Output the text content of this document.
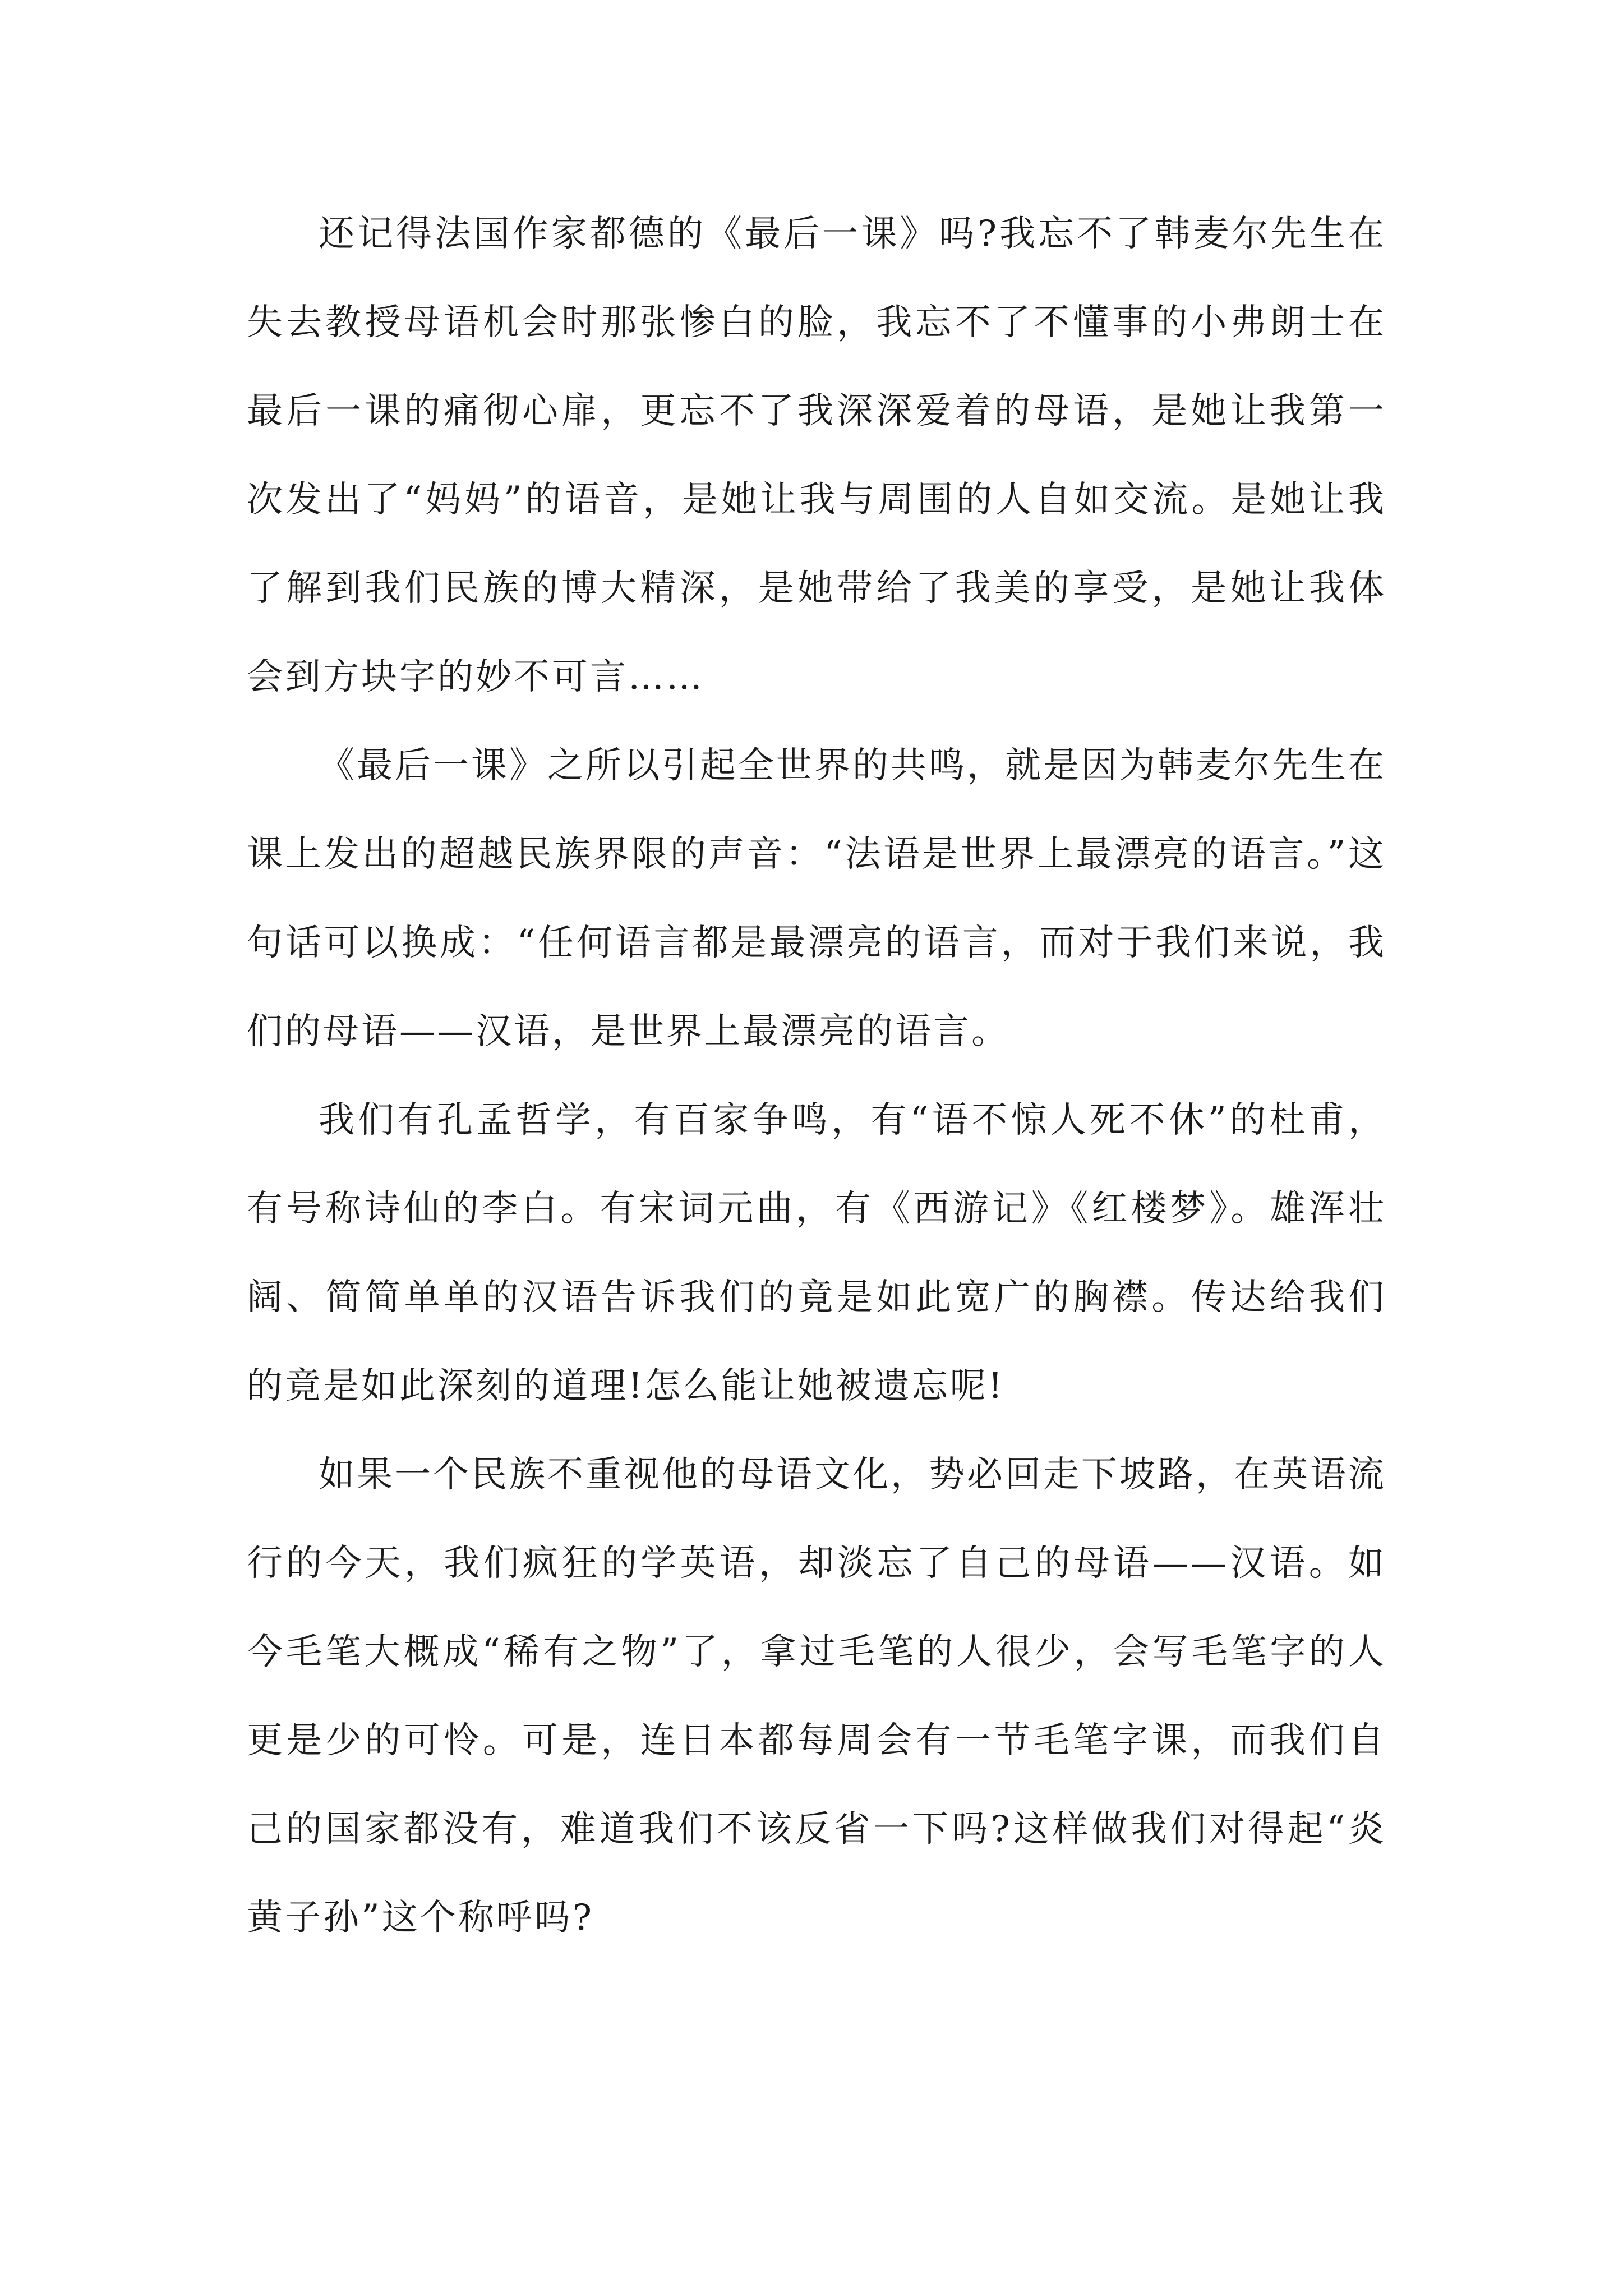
还记得法国作家都德的《最后一课》吗?我忘不了韩麦尔先生在失去教授母语机会时那张惨白的脸，我忘不了不懂事的小弗朗士在最后一课的痛彻心扉，更忘不了我深深爱着的母语，是她让我第一次发出了“妈妈”的语音，是她让我与周围的人自如交流。是她让我了解到我们民族的博大精深，是她带给了我美的享受，是她让我体会到方块字的妙不可言……

《最后一课》之所以引起全世界的共鸣，就是因为韩麦尔先生在课上发出的超越民族界限的声音：“法语是世界上最漂亮的语言。”这句话可以换成：“任何语言都是最漂亮的语言，而对于我们来说，我们的母语——汉语，是世界上最漂亮的语言。

我们有孔孟哲学，有百家争鸣，有“语不惊人死不休”的杜甫，有号称诗仙的李白。有宋词元曲，有《西游记》《红楼梦》。雄浑壮阔、简简单单的汉语告诉我们的竟是如此宽广的胸襟。传达给我们的竟是如此深刻的道理!怎么能让她被遗忘呢!

如果一个民族不重视他的母语文化，势必回走下坡路，在英语流行的今天，我们疯狂的学英语，却淡忘了自己的母语——汉语。如今毛笔大概成“稀有之物”了，拿过毛笔的人很少，会写毛笔字的人更是少的可怜。可是，连日本都每周会有一节毛笔字课，而我们自己的国家都没有，难道我们不该反省一下吗?这样做我们对得起“炎黄子孙”这个称呼吗?
